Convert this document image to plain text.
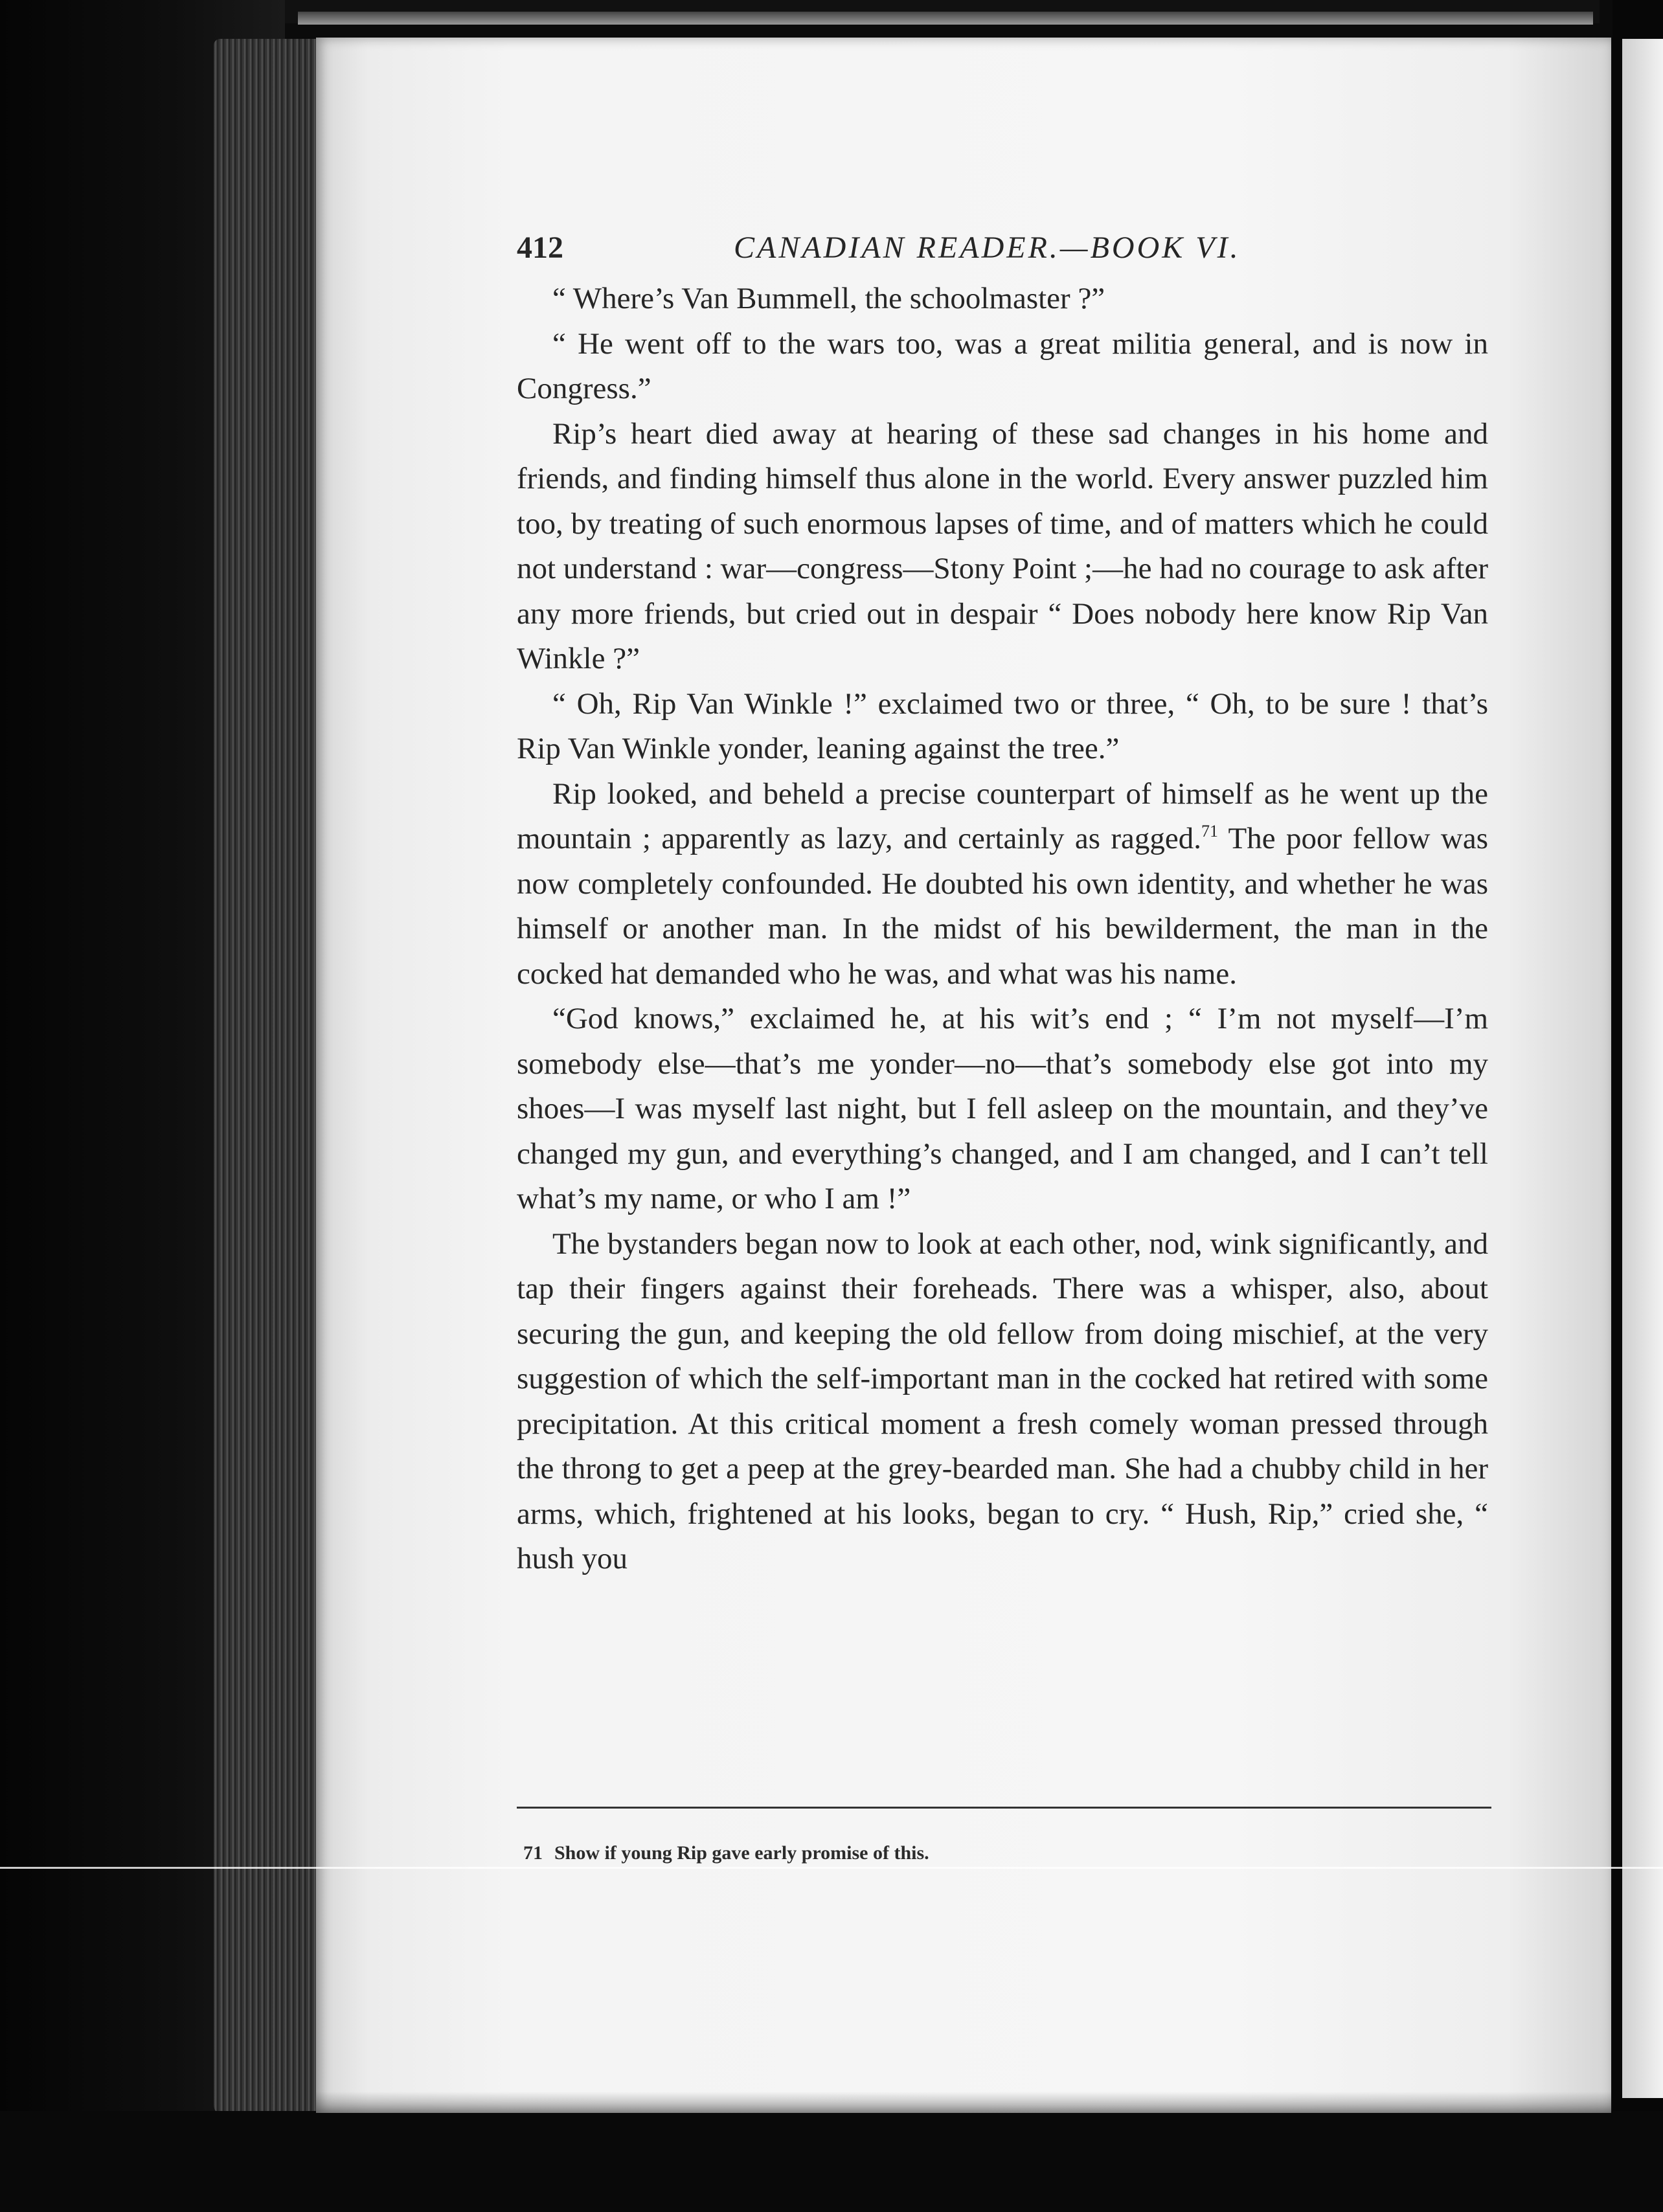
412	CANADIAN READER.—BOOK VI.

“ Where’s Van Bummell, the schoolmaster ?”

“ He went off to the wars too, was a great militia general, and is now in Congress.”

Rip’s heart died away at hearing of these sad changes in his home and friends, and finding himself thus alone in the world. Every answer puzzled him too, by treating of such enormous lapses of time, and of matters which he could not understand : war—congress—Stony Point ;—he had no courage to ask after any more friends, but cried out in despair “ Does nobody here know Rip Van Winkle ?”

“ Oh, Rip Van Winkle !” exclaimed two or three, “ Oh, to be sure ! that’s Rip Van Winkle yonder, leaning against the tree.”

Rip looked, and beheld a precise counterpart of himself as he went up the mountain ; apparently as lazy, and certainly as ragged.$^{71}$ The poor fellow was now completely confounded. He doubted his own identity, and whether he was himself or another man. In the midst of his bewilderment, the man in the cocked hat demanded who he was, and what was his name.

“God knows,” exclaimed he, at his wit’s end ; “ I’m not myself—I’m somebody else—that’s me yonder—no—that’s somebody else got into my shoes—I was myself last night, but I fell asleep on the mountain, and they’ve changed my gun, and everything’s changed, and I am changed, and I can’t tell what’s my name, or who I am !”

The bystanders began now to look at each other, nod, wink significantly, and tap their fingers against their foreheads. There was a whisper, also, about securing the gun, and keeping the old fellow from doing mischief, at the very suggestion of which the self-important man in the cocked hat retired with some precipitation. At this critical moment a fresh comely woman pressed through the throng to get a peep at the grey-bearded man. She had a chubby child in her arms, which, frightened at his looks, began to cry. “ Hush, Rip,” cried she, “ hush you

71 Show if young Rip gave early promise of this.
